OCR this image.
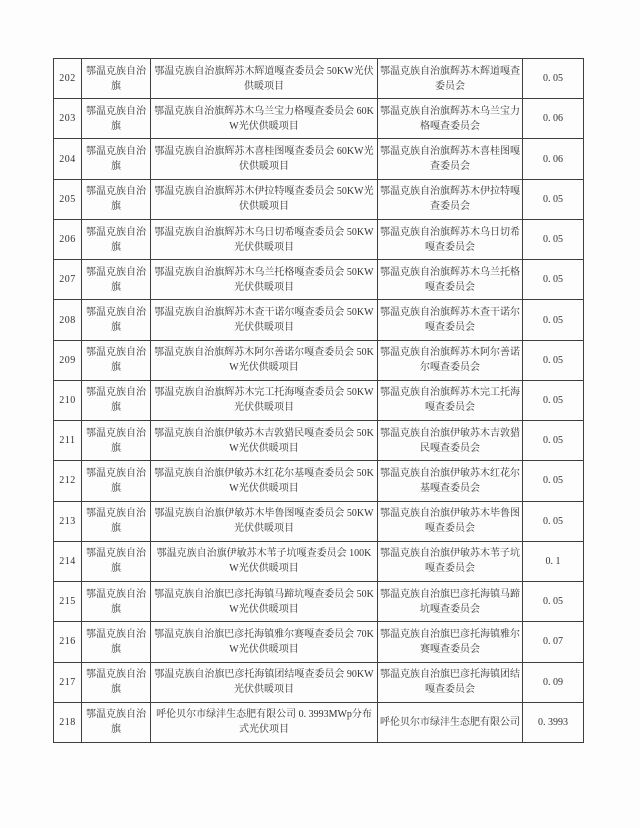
202	鄂温克族自治旗	鄂温克族自治旗辉苏木辉道嘎查委员会 50KW光伏供暖项目	鄂温克族自治旗辉苏木辉道嘎查委员会	0. 05
203	鄂温克族自治旗	鄂温克族自治旗辉苏木乌兰宝力格嘎查委员会 60KW光伏供暖项目	鄂温克族自治旗辉苏木乌兰宝力格嘎查委员会	0. 06
204	鄂温克族自治旗	鄂温克族自治旗辉苏木喜桂图嘎查委员会 60KW光伏供暖项目	鄂温克族自治旗辉苏木喜桂图嘎查委员会	0. 06
205	鄂温克族自治旗	鄂温克族自治旗辉苏木伊拉特嘎查委员会 50KW光伏供暖项目	鄂温克族自治旗辉苏木伊拉特嘎查委员会	0. 05
206	鄂温克族自治旗	鄂温克族自治旗辉苏木乌日切希嘎查委员会 50KW光伏供暖项目	鄂温克族自治旗辉苏木乌日切希嘎查委员会	0. 05
207	鄂温克族自治旗	鄂温克族自治旗辉苏木乌兰托格嘎查委员会 50KW光伏供暖项目	鄂温克族自治旗辉苏木乌兰托格嘎查委员会	0. 05
208	鄂温克族自治旗	鄂温克族自治旗辉苏木查干诺尔嘎查委员会 50KW光伏供暖项目	鄂温克族自治旗辉苏木查干诺尔嘎查委员会	0. 05
209	鄂温克族自治旗	鄂温克族自治旗辉苏木阿尔善诺尔嘎查委员会 50KW光伏供暖项目	鄂温克族自治旗辉苏木阿尔善诺尔嘎查委员会	0. 05
210	鄂温克族自治旗	鄂温克族自治旗辉苏木完工托海嘎查委员会 50KW光伏供暖项目	鄂温克族自治旗辉苏木完工托海嘎查委员会	0. 05
211	鄂温克族自治旗	鄂温克族自治旗伊敏苏木吉敦猎民嘎查委员会 50KW光伏供暖项目	鄂温克族自治旗伊敏苏木吉敦猎民嘎查委员会	0. 05
212	鄂温克族自治旗	鄂温克族自治旗伊敏苏木红花尔基嘎查委员会 50KW光伏供暖项目	鄂温克族自治旗伊敏苏木红花尔基嘎查委员会	0. 05
213	鄂温克族自治旗	鄂温克族自治旗伊敏苏木毕鲁图嘎查委员会 50KW光伏供暖项目	鄂温克族自治旗伊敏苏木毕鲁图嘎查委员会	0. 05
214	鄂温克族自治旗	鄂温克族自治旗伊敏苏木苇子坑嘎查委员会 100KW光伏供暖项目	鄂温克族自治旗伊敏苏木苇子坑嘎查委员会	0. 1
215	鄂温克族自治旗	鄂温克族自治旗巴彦托海镇马蹄坑嘎查委员会 50KW光伏供暖项目	鄂温克族自治旗巴彦托海镇马蹄坑嘎查委员会	0. 05
216	鄂温克族自治旗	鄂温克族自治旗巴彦托海镇雅尔赛嘎查委员会 70KW光伏供暖项目	鄂温克族自治旗巴彦托海镇雅尔赛嘎查委员会	0. 07
217	鄂温克族自治旗	鄂温克族自治旗巴彦托海镇团结嘎查委员会 90KW光伏供暖项目	鄂温克族自治旗巴彦托海镇团结嘎查委员会	0. 09
218	鄂温克族自治旗	呼伦贝尔市绿沣生态肥有限公司 0. 3993MWp分布式光伏项目	呼伦贝尔市绿沣生态肥有限公司	0. 3993
